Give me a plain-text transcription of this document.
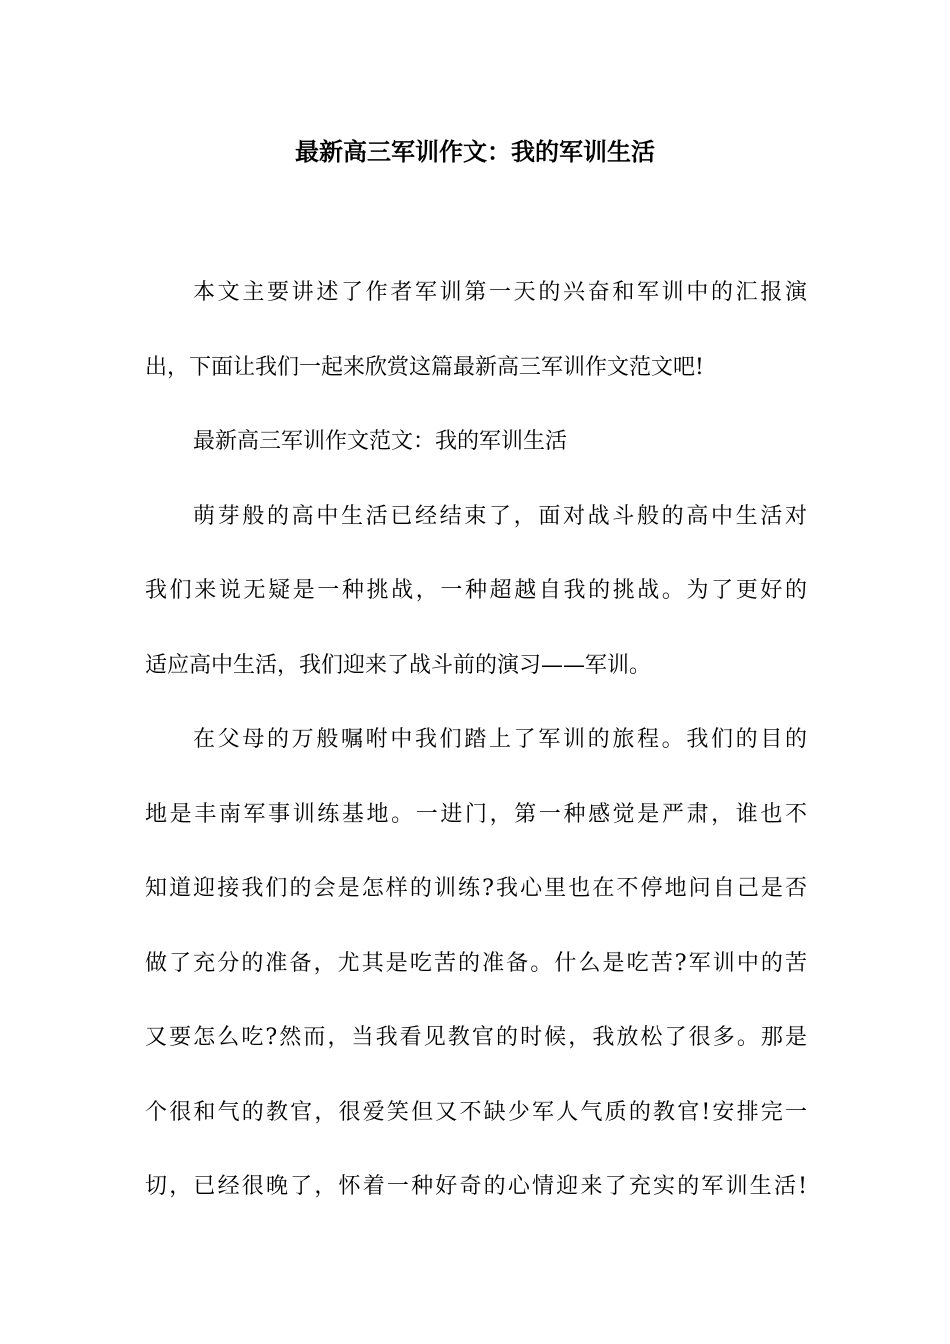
最新高三军训作文：我的军训生活
本文主要讲述了作者军训第一天的兴奋和军训中的汇报演
出，下面让我们一起来欣赏这篇最新高三军训作文范文吧!
最新高三军训作文范文：我的军训生活
萌芽般的高中生活已经结束了，面对战斗般的高中生活对
我们来说无疑是一种挑战，一种超越自我的挑战。为了更好的
适应高中生活，我们迎来了战斗前的演习——军训。
在父母的万般嘱咐中我们踏上了军训的旅程。我们的目的
地是丰南军事训练基地。一进门，第一种感觉是严肃，谁也不
知道迎接我们的会是怎样的训练?我心里也在不停地问自己是否
做了充分的准备，尤其是吃苦的准备。什么是吃苦?军训中的苦
又要怎么吃?然而，当我看见教官的时候，我放松了很多。那是
个很和气的教官，很爱笑但又不缺少军人气质的教官!安排完一
切，已经很晚了，怀着一种好奇的心情迎来了充实的军训生活!
